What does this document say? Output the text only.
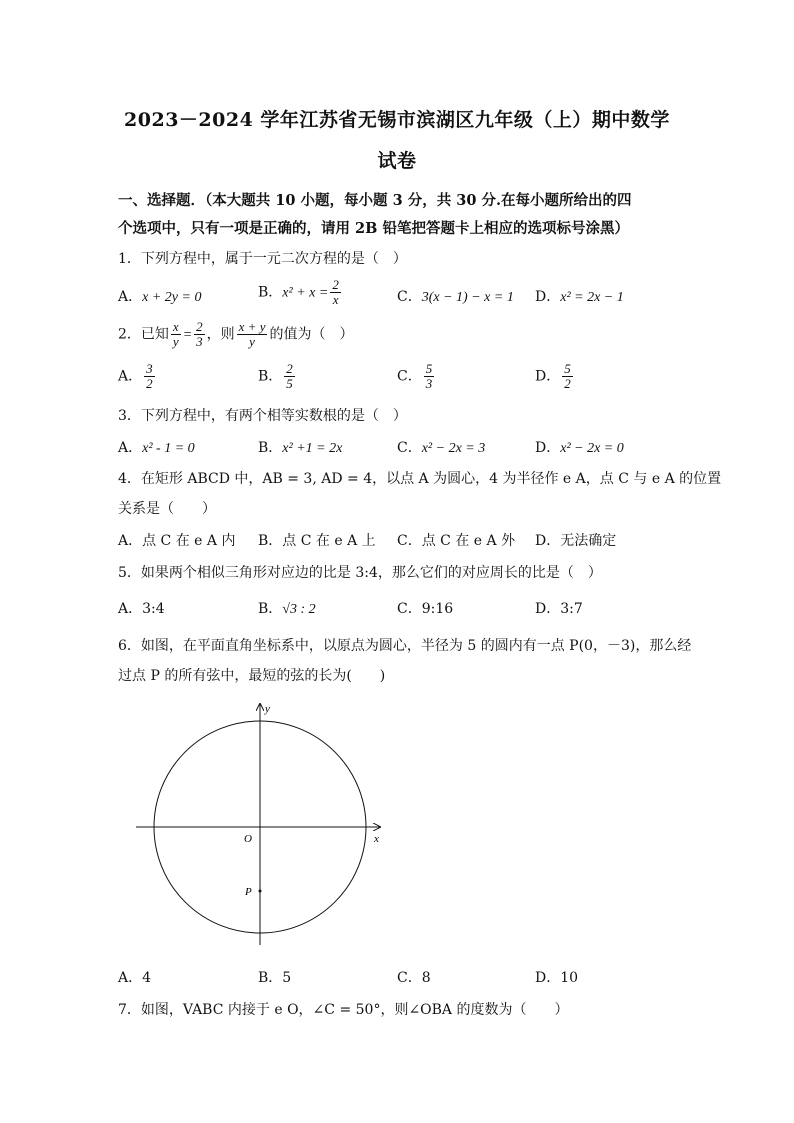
2023－2024 学年江苏省无锡市滨湖区九年级（上）期中数学
试卷
一、选择题．（本大题共 10 小题，每小题 3 分，共 30 分.在每小题所给出的四
个选项中，只有一项是正确的，请用 2B 铅笔把答题卡上相应的选项标号涂黑）
1．下列方程中，属于一元二次方程的是（　）
A．x + 2y = 0	B．$x^2 + x = \frac{2}{x}$	C．3(x − 1) − x = 1 D．x² = 2x − 1
2．已知 $\frac{x}{y} = \frac{2}{3}$ ，则 $\frac{x + y}{y}$ 的值为（　）
A． $\frac{3}{2}$	B． $\frac{2}{5}$	C． $\frac{5}{3}$	D． $\frac{5}{2}$
3．下列方程中，有两个相等实数根的是（　）
A．x² - 1 = 0	B．x² +1 = 2x	C．x² − 2x = 3	D．x² − 2x = 0
4．在矩形 ABCD 中，AB = 3, AD = 4，以点 A 为圆心，4 为半径作 e A，点 C 与 e A 的位置
关系是（　　）
A．点 C 在 e A 内 B．点 C 在 e A 上 C．点 C 在 e A 外 D．无法确定
5．如果两个相似三角形对应边的比是 3:4，那么它们的对应周长的比是（　）
A．3:4	B．√3 : 2	C．9:16	D．3:7
6．如图，在平面直角坐标系中，以原点为圆心，半径为 5 的圆内有一点 P(0，－3)，那么经
过点 P 的所有弦中，最短的弦的长为(　　)
y
x
O
P
A．4	B．5	C．8	D．10
7．如图，VABC 内接于 e O，∠C = 50°，则∠OBA 的度数为（　　）
